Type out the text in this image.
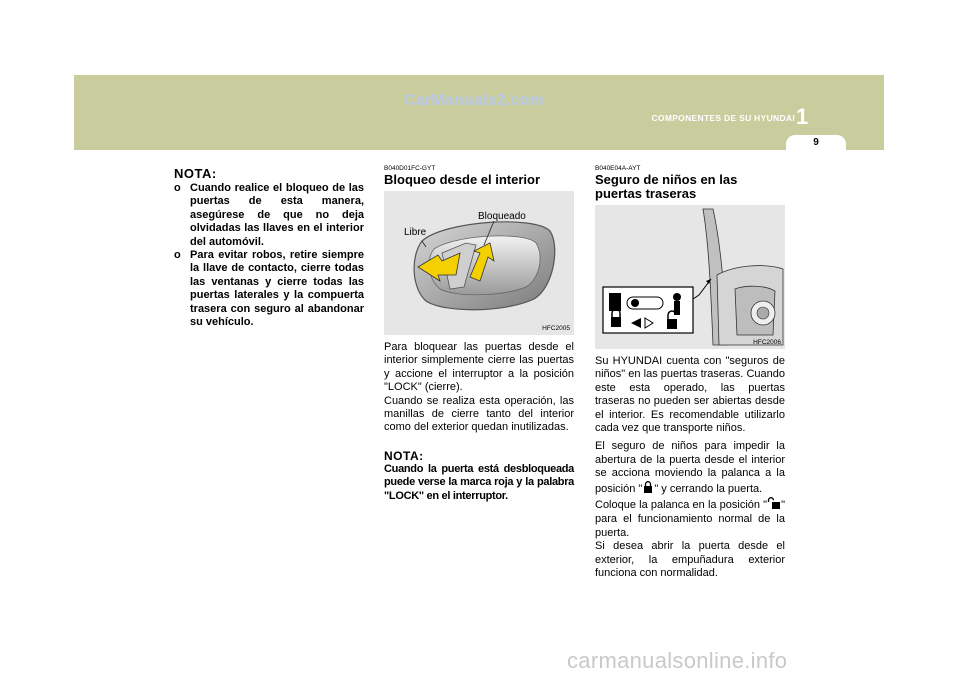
CarManuals2.com
COMPONENTES DE SU HYUNDAI 1
9
NOTA:
o Cuando realice el bloqueo de las puertas de esta manera, asegúrese de que no deja olvidadas las llaves en el interior del automóvil.
o Para evitar robos, retire siempre la llave de contacto, cierre todas las ventanas y cierre todas las puertas laterales y la compuerta trasera con seguro al abandonar su vehículo.
B040D01FC-GYT
Bloqueo desde el interior
Bloqueado
Libre
HFC2005
Para bloquear las puertas desde el interior simplemente cierre las puertas y accione el interruptor a la posición "LOCK" (cierre).
Cuando se realiza esta operación, las manillas de cierre tanto del interior como del exterior quedan inutilizadas.
NOTA:
Cuando la puerta está desbloqueada puede verse la marca roja y la palabra "LOCK" en el interruptor.
B040E04A-AYT
Seguro de niños en las puertas traseras
HFC2006
Su HYUNDAI cuenta con "seguros de niños" en las puertas traseras. Cuando este esta operado, las puertas traseras no pueden ser abiertas desde el interior. Es recomendable utilizarlo cada vez que transporte niños.
El seguro de niños para impedir la abertura de la puerta desde el interior se acciona moviendo la palanca a la posición " " y cerrando la puerta.
Coloque la palanca en la posición " " para el funcionamiento normal de la puerta.
Si desea abrir la puerta desde el exterior, la empuñadura exterior funciona con normalidad.
carmanualsonline.info
